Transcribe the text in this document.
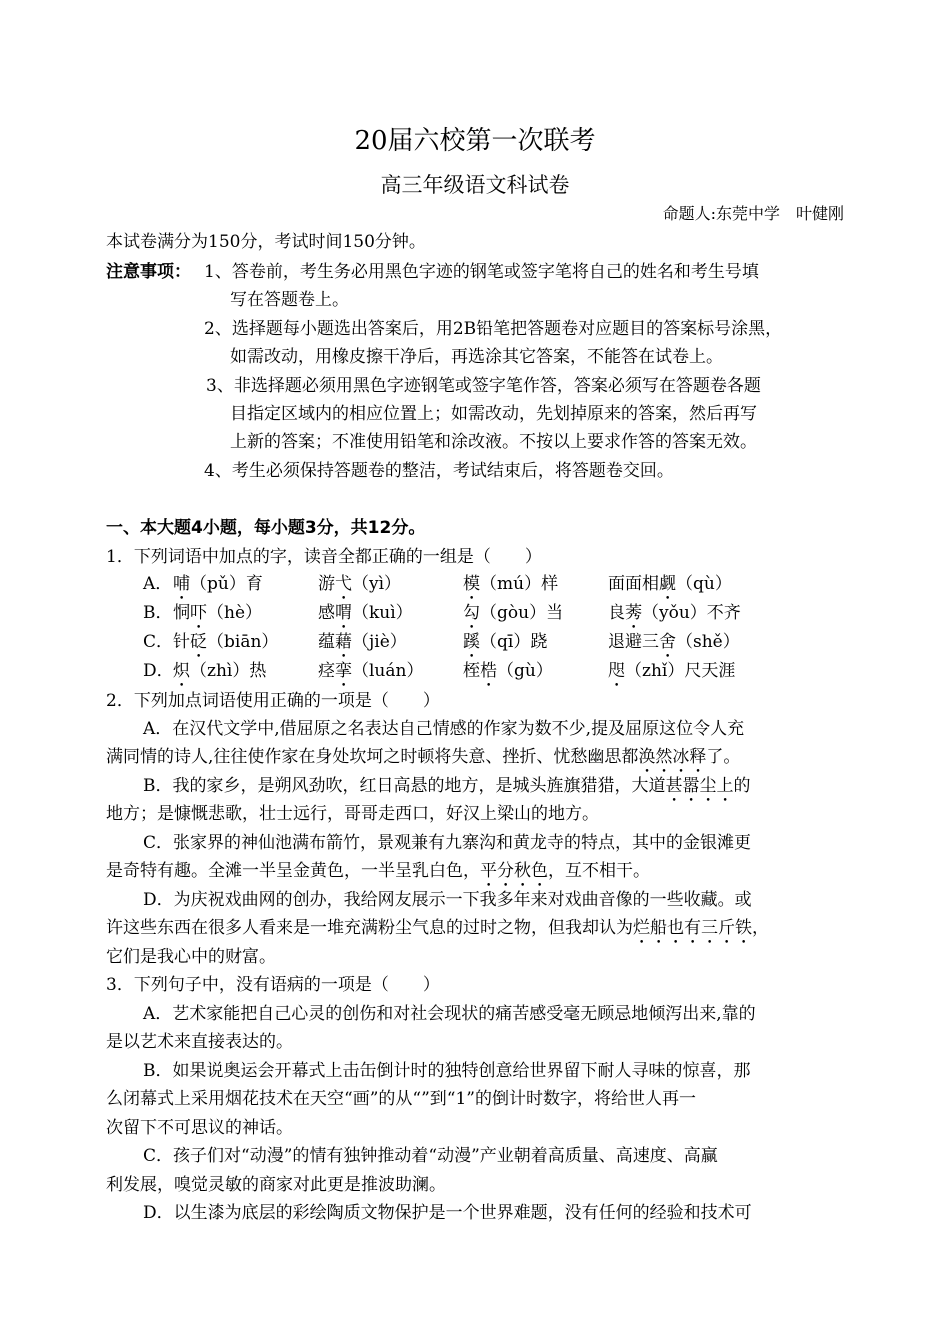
20届六校第一次联考
高三年级语文科试卷
命题人:东莞中学　叶健刚
本试卷满分为150分，考试时间150分钟。
注意事项： 1、答卷前，考生务必用黑色字迹的钢笔或签字笔将自己的姓名和考生号填
写在答题卷上。
2、选择题每小题选出答案后，用2B铅笔把答题卷对应题目的答案标号涂黑，
如需改动，用橡皮擦干净后，再选涂其它答案，不能答在试卷上。
3、非选择题必须用黑色字迹钢笔或签字笔作答，答案必须写在答题卷各题
目指定区域内的相应位置上；如需改动，先划掉原来的答案，然后再写
上新的答案；不准使用铅笔和涂改液。不按以上要求作答的答案无效。
4、考生必须保持答题卷的整洁，考试结束后，将答题卷交回。
一、本大题4小题，每小题3分，共12分。
1．下列词语中加点的字，读音全都正确的一组是（　　）
A． 哺（pǔ）育	游弋（yì）	模（mú）样	面面相觑（qù）
B． 恫吓（hè）	感喟（kuì）	勾（gòu）当	良莠（yǒu）不齐
C． 针砭（biān） 蕴藉（jiè）	蹊（qī）跷	退避三舍（shě）
D． 炽（zhì）热	痉挛（luán） 桎梏（gù）	咫（zhǐ）尺天涯
2．下列加点词语使用正确的一项是（　　）
A．在汉代文学中,借屈原之名表达自己情感的作家为数不少,提及屈原这位令人充
满同情的诗人,往往使作家在身处坎坷之时顿将失意、挫折、忧愁幽思都涣然冰释了。
B．我的家乡，是朔风劲吹，红日高悬的地方，是城头旌旗猎猎，大道甚嚣尘上的
地方；是慷慨悲歌，壮士远行，哥哥走西口，好汉上梁山的地方。
C．张家界的神仙池满布箭竹，景观兼有九寨沟和黄龙寺的特点，其中的金银滩更
是奇特有趣。全滩一半呈金黄色，一半呈乳白色，平分秋色，互不相干。
D．为庆祝戏曲网的创办，我给网友展示一下我多年来对戏曲音像的一些收藏。或
许这些东西在很多人看来是一堆充满粉尘气息的过时之物，但我却认为烂船也有三斤铁，
它们是我心中的财富。
3．下列句子中，没有语病的一项是（　　）
A．艺术家能把自己心灵的创伤和对社会现状的痛苦感受毫无顾忌地倾泻出来,靠的
是以艺术来直接表达的。
B．如果说奥运会开幕式上击缶倒计时的独特创意给世界留下耐人寻味的惊喜，那
么闭幕式上采用烟花技术在天空“画”的从“”到“1”的倒计时数字，将给世人再一
次留下不可思议的神话。
C．孩子们对“动漫”的情有独钟推动着“动漫”产业朝着高质量、高速度、高赢
利发展，嗅觉灵敏的商家对此更是推波助澜。
D．以生漆为底层的彩绘陶质文物保护是一个世界难题，没有任何的经验和技术可
